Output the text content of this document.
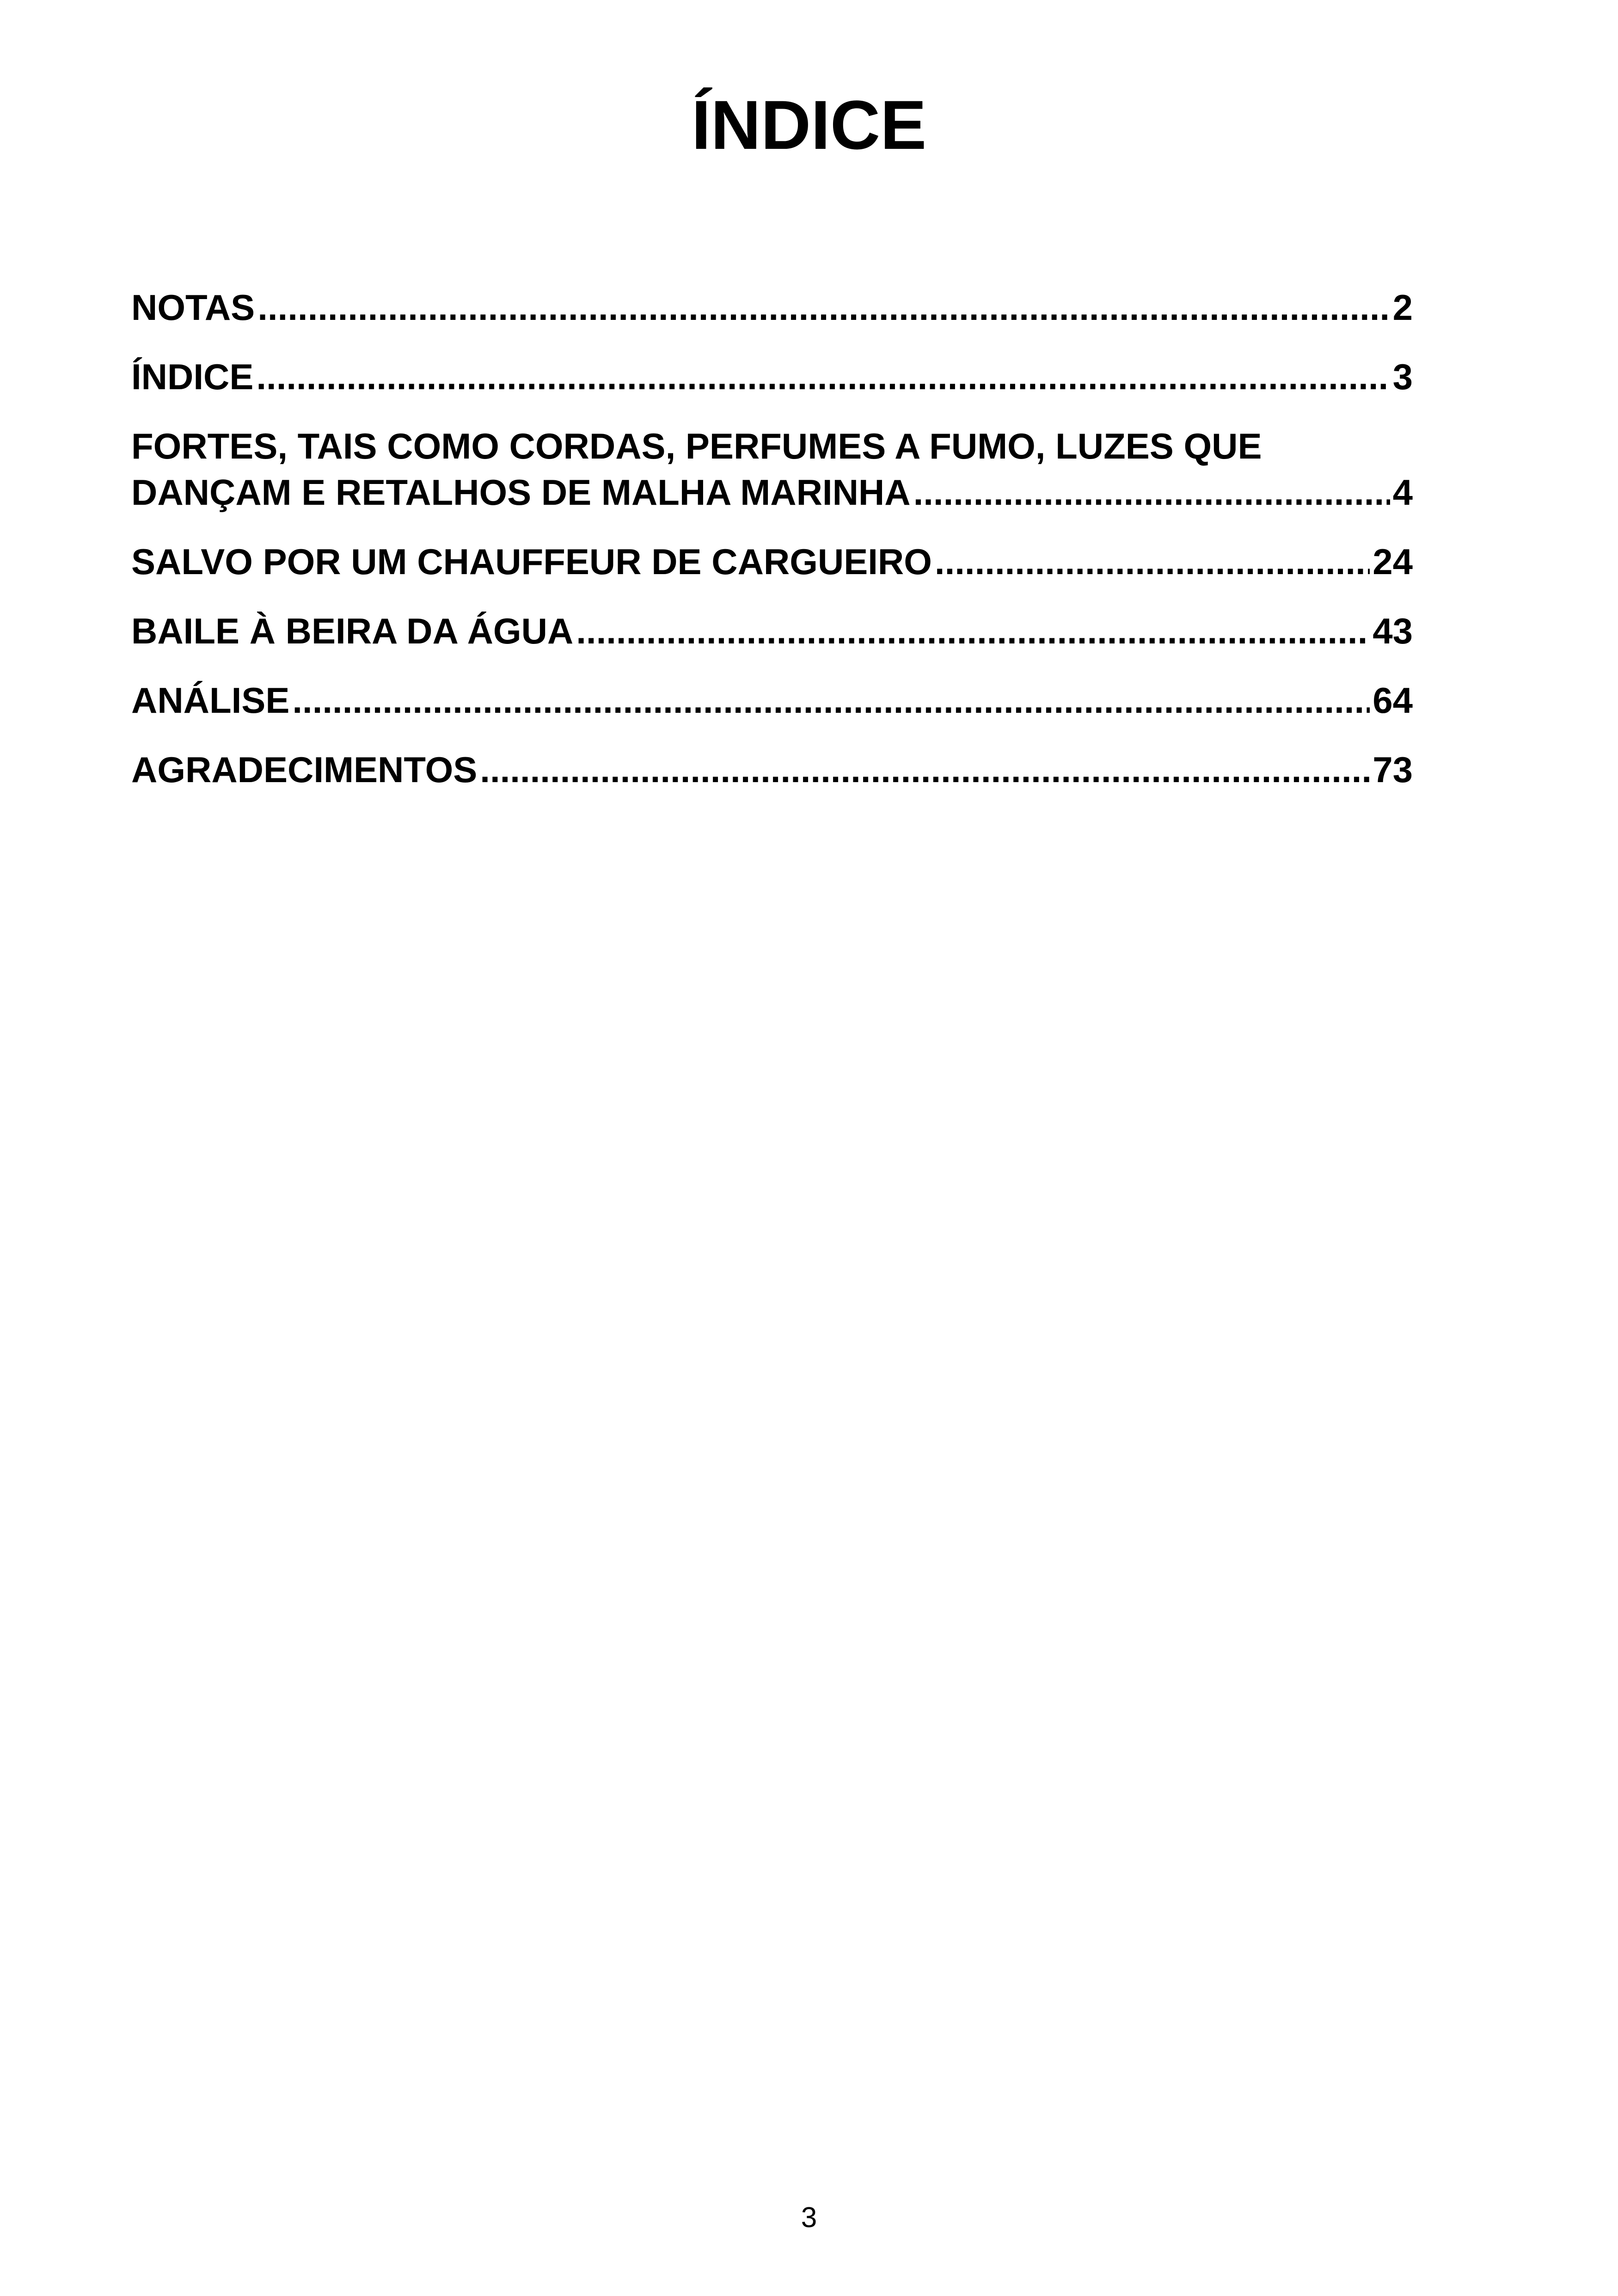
ÍNDICE
NOTAS .....	2
ÍNDICE .....	3
FORTES, TAIS COMO CORDAS, PERFUMES A FUMO, LUZES QUE
DANÇAM E RETALHOS DE MALHA MARINHA .....	4
SALVO POR UM CHAUFFEUR DE CARGUEIRO .....	24
BAILE À BEIRA DA ÁGUA .....	43
ANÁLISE .....	64
AGRADECIMENTOS .....	73
3
